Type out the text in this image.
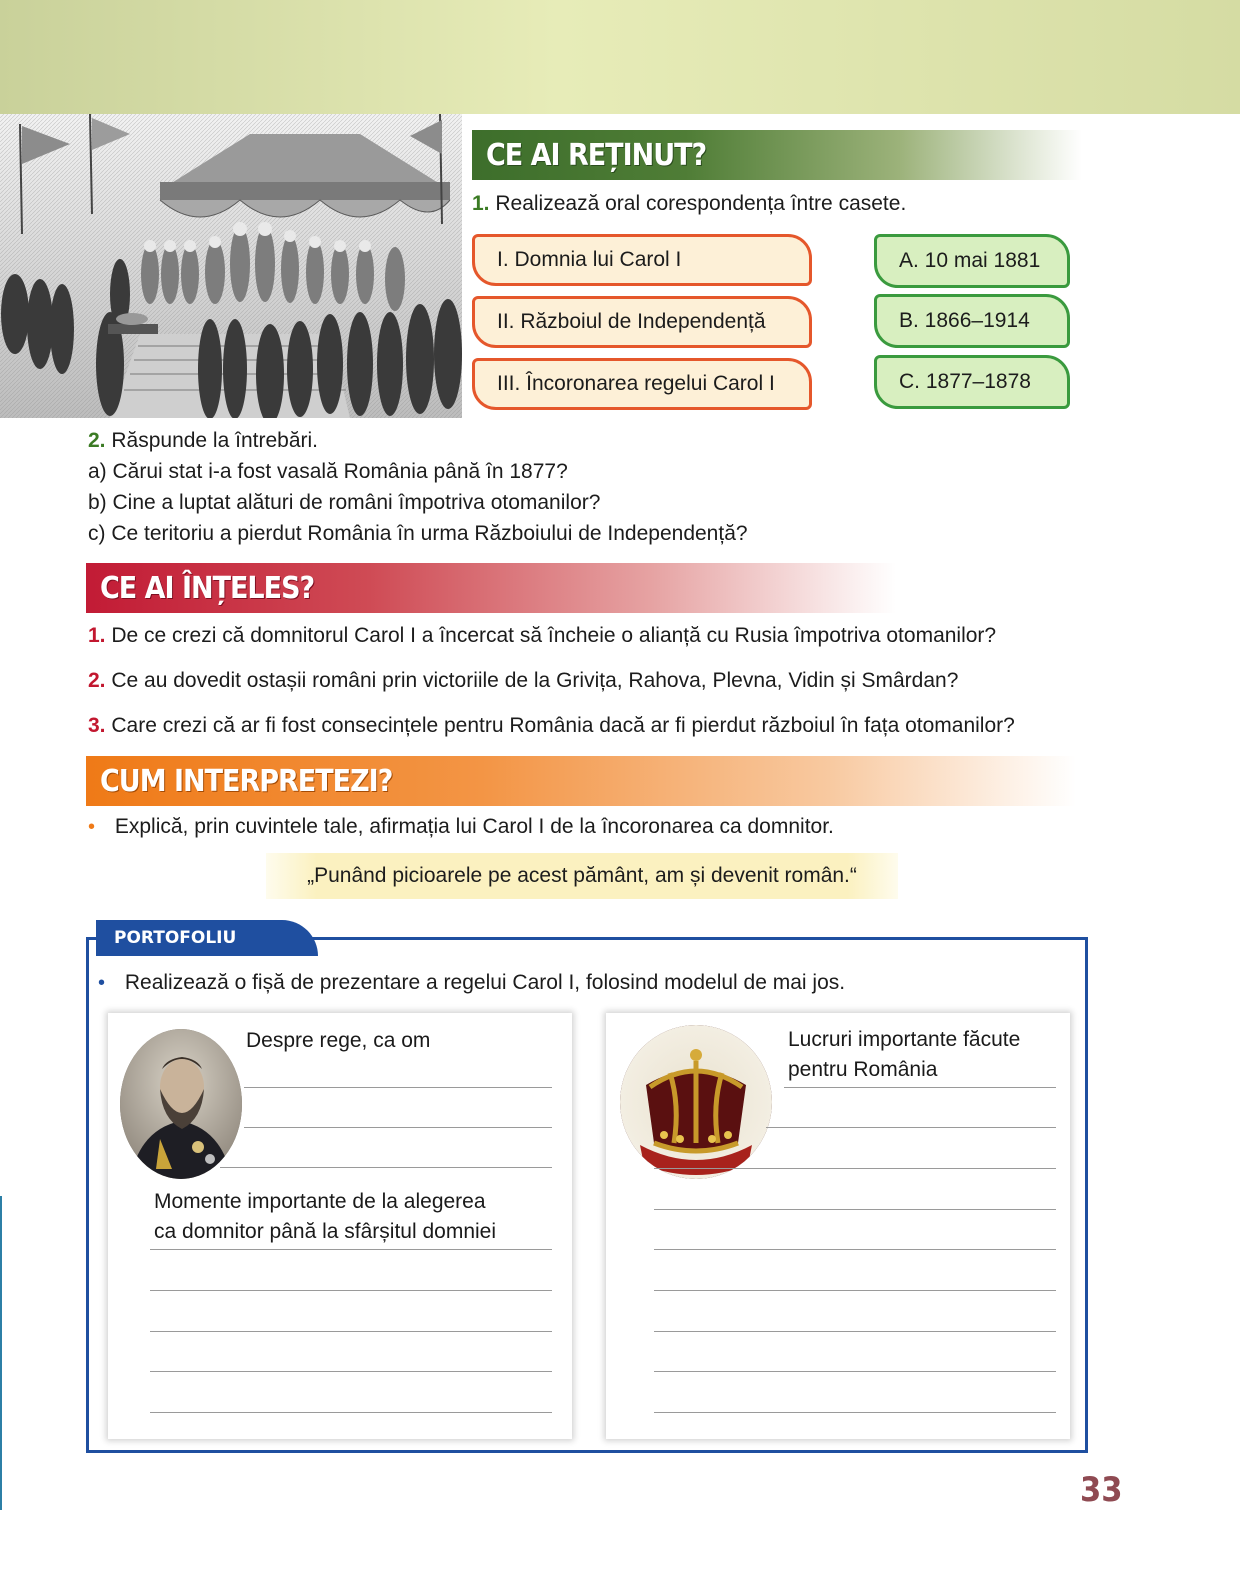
CE AI REȚINUT?
1. Realizează oral corespondența între casete.
I. Domnia lui Carol I
II. Războiul de Independență
III. Încoronarea regelui Carol I
A. 10 mai 1881
B. 1866–1914
C. 1877–1878
2. Răspunde la întrebări.
a) Cărui stat i-a fost vasală România până în 1877?
b) Cine a luptat alături de români împotriva otomanilor?
c) Ce teritoriu a pierdut România în urma Războiului de Independență?
CE AI ÎNȚELES?
1. De ce crezi că domnitorul Carol I a încercat să încheie o alianță cu Rusia împotriva otomanilor?
2. Ce au dovedit ostașii români prin victoriile de la Grivița, Rahova, Plevna, Vidin și Smârdan?
3. Care crezi că ar fi fost consecințele pentru România dacă ar fi pierdut războiul în fața otomanilor?
CUM INTERPRETEZI?
• Explică, prin cuvintele tale, afirmația lui Carol I de la încoronarea ca domnitor.
„Punând picioarele pe acest pământ, am și devenit român.“
PORTOFOLIU
• Realizează o fișă de prezentare a regelui Carol I, folosind modelul de mai jos.
Despre rege, ca om
Momente importante de la alegerea
ca domnitor până la sfârșitul domniei
Lucruri importante făcute
pentru România
33
